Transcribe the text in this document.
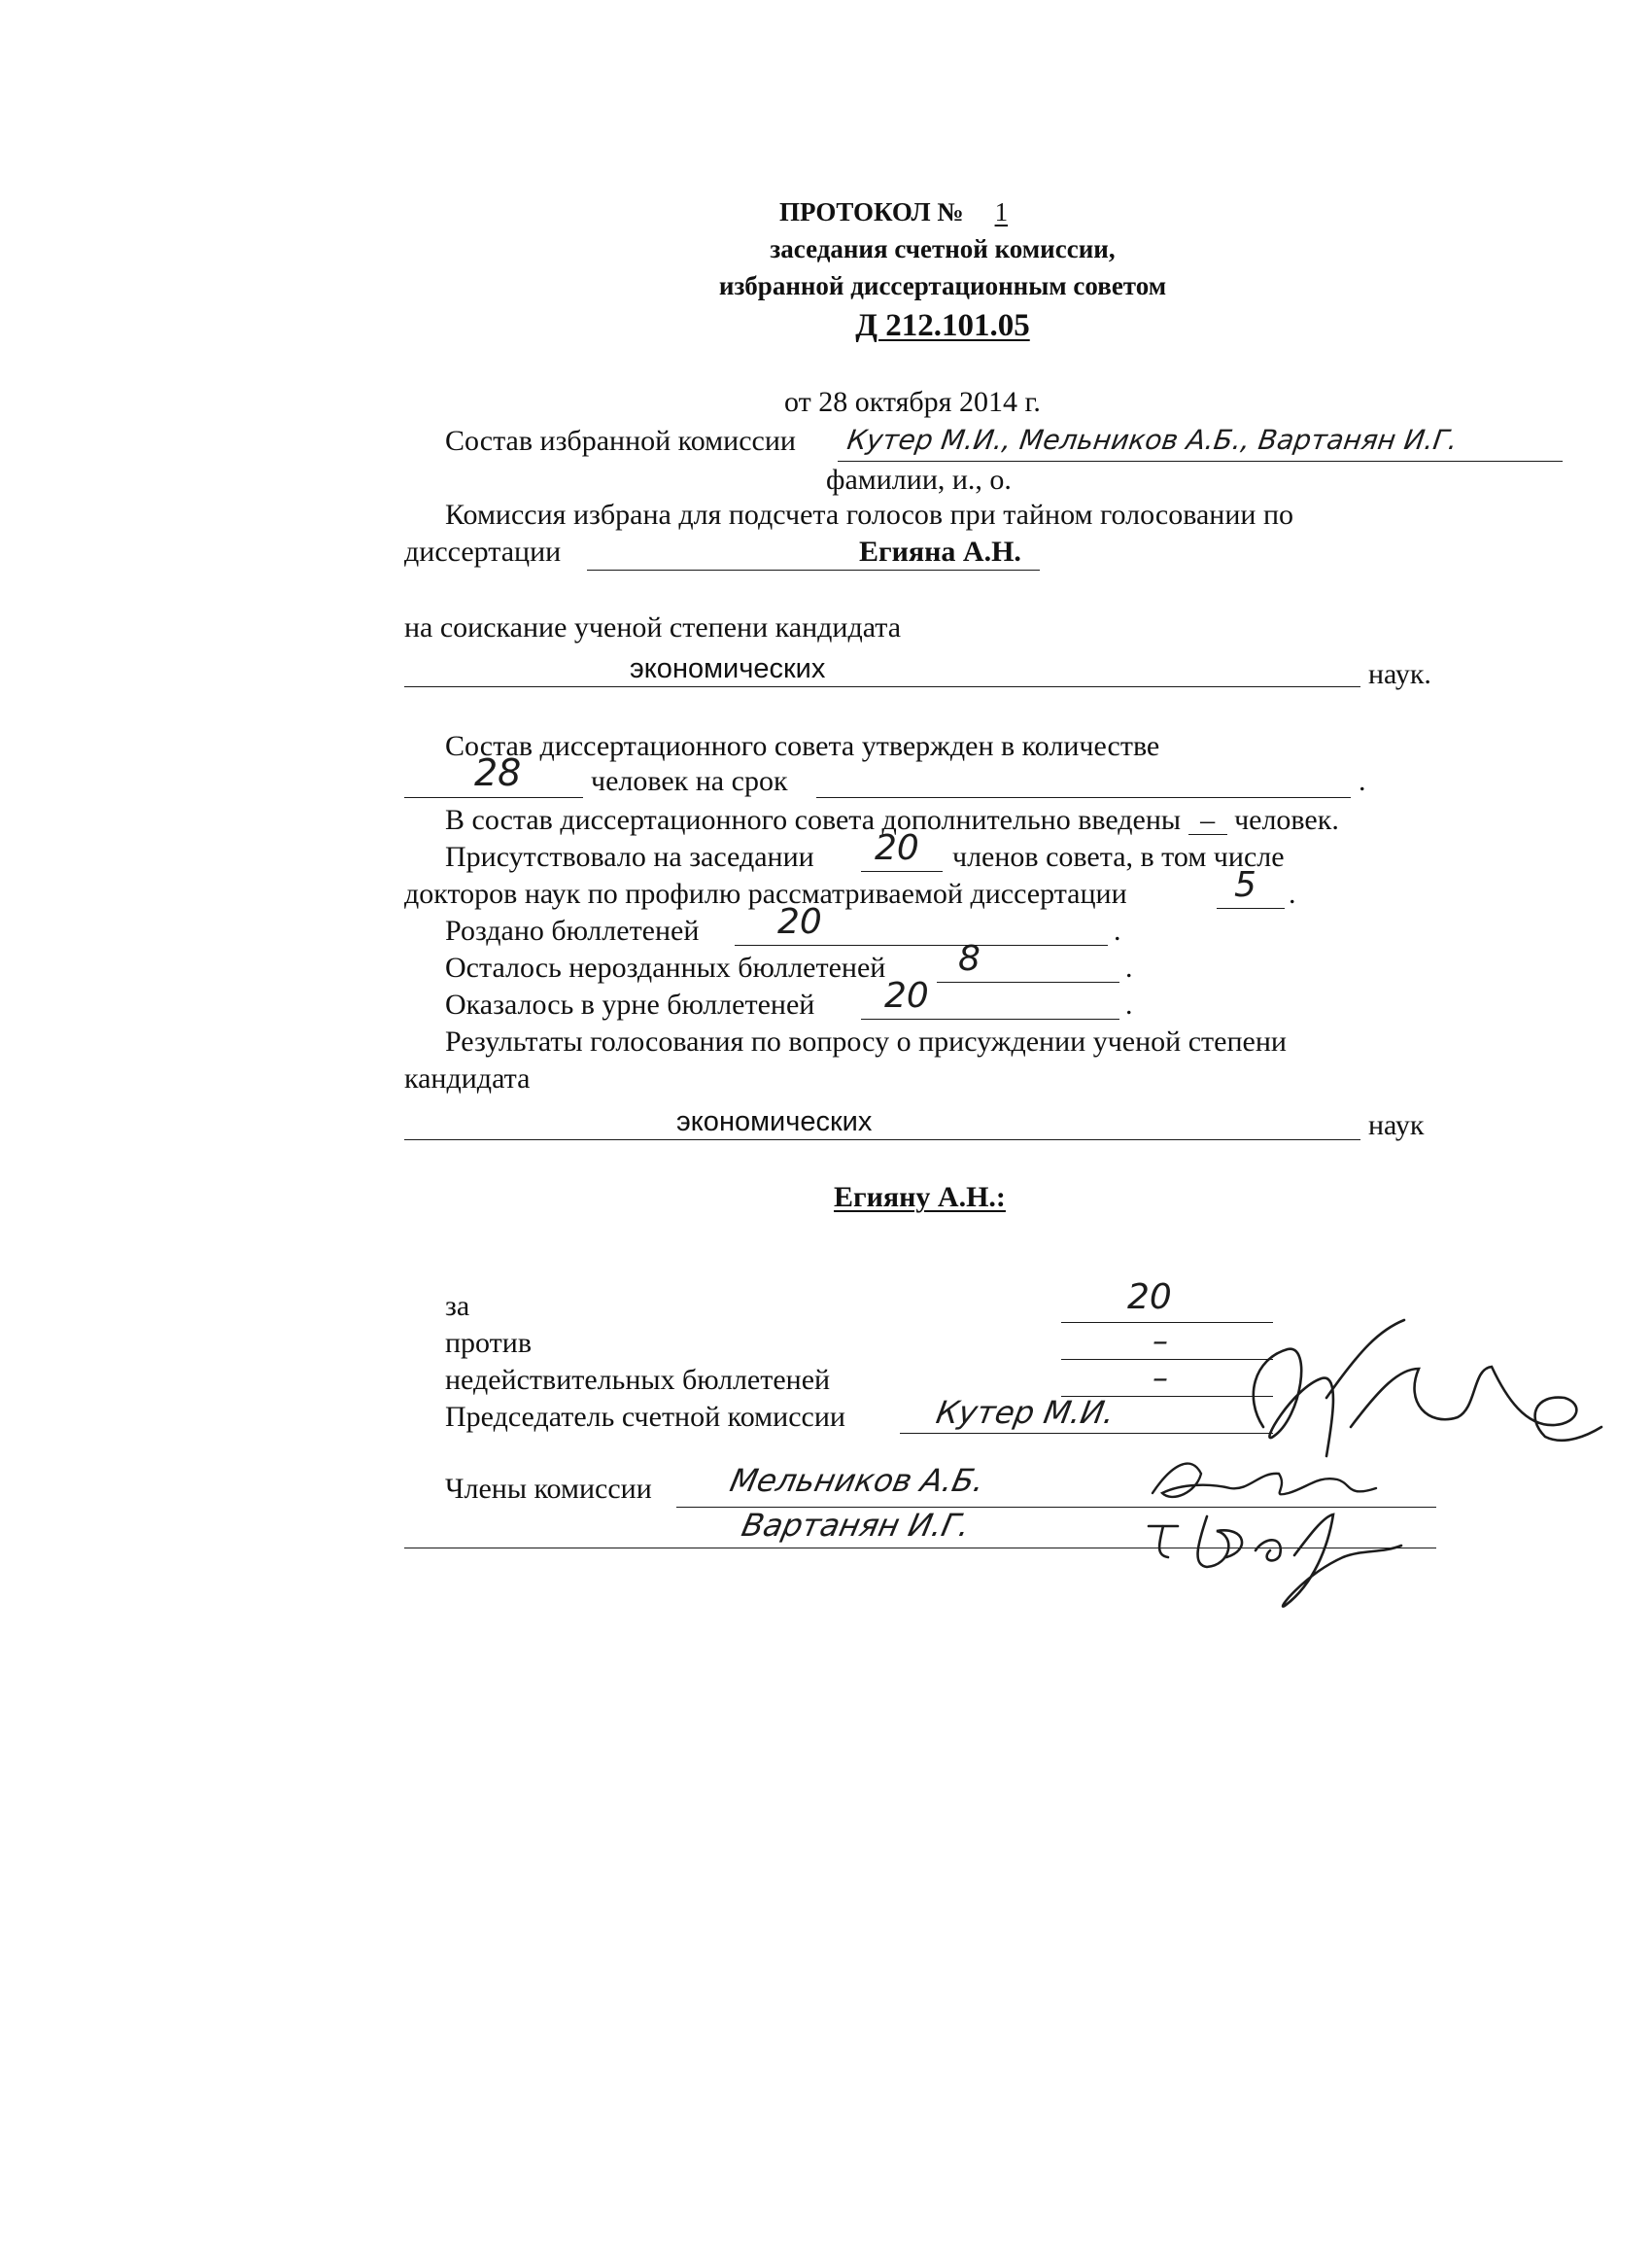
ПРОТОКОЛ № 1
заседания счетной комиссии,
избранной диссертационным советом
Д 212.101.05
от 28 октября 2014 г.
Состав избранной комиссии Кутер М.И., Мельников А.Б., Вартанян И.Г.
фамилии, и., о.
Комиссия избрана для подсчета голосов при тайном голосовании по
диссертации	Егияна А.Н.
на соискание ученой степени кандидата
экономических	наук.
Состав диссертационного совета утвержден в количестве
28 человек на срок	.
В состав диссертационного совета дополнительно введены – человек.
Присутствовало на заседании 20 членов совета, в том числе
докторов наук по профилю рассматриваемой диссертации	5 .
Роздано бюллетеней 20	.
Осталось нерозданных бюллетеней 8	.
Оказалось в урне бюллетеней 20	.
Результаты голосования по вопросу о присуждении ученой степени
кандидата
экономических	наук
Егияну А.Н.:
за	20
против	–
недействительных бюллетеней	–
Председатель счетной комиссии	Кутер М.И.
Члены комиссии Мельников А.Б.
Вартанян И.Г.
